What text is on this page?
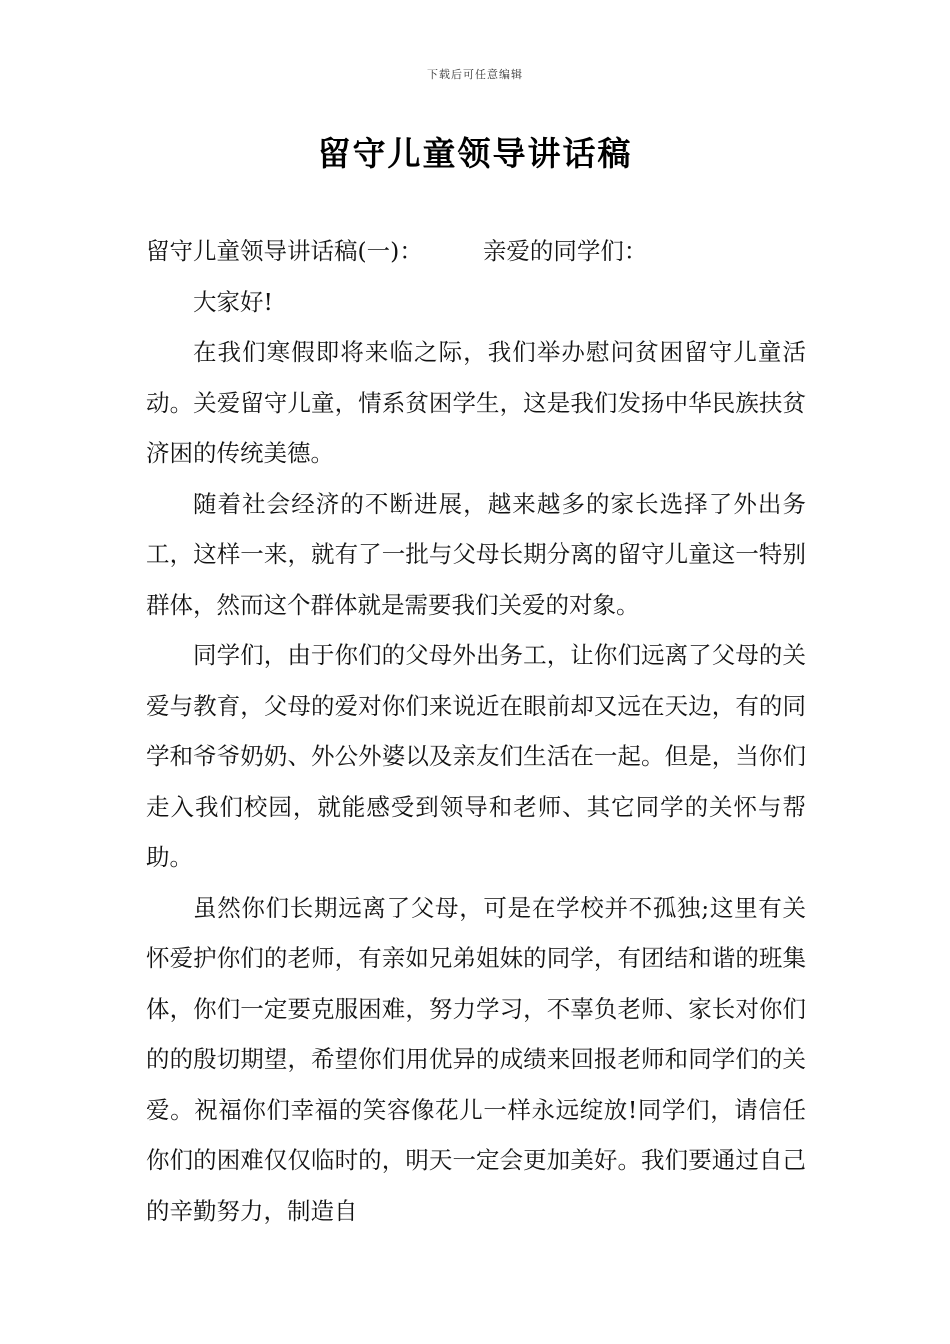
下载后可任意编辑
留守儿童领导讲话稿

留守儿童领导讲话稿(一)：	亲爱的同学们：

大家好!

在我们寒假即将来临之际，我们举办慰问贫困留守儿童活动。关爱留守儿童，情系贫困学生，这是我们发扬中华民族扶贫济困的传统美德。

随着社会经济的不断进展，越来越多的家长选择了外出务工，这样一来，就有了一批与父母长期分离的留守儿童这一特别群体，然而这个群体就是需要我们关爱的对象。

同学们，由于你们的父母外出务工，让你们远离了父母的关爱与教育，父母的爱对你们来说近在眼前却又远在天边，有的同学和爷爷奶奶、外公外婆以及亲友们生活在一起。但是，当你们走入我们校园，就能感受到领导和老师、其它同学的关怀与帮助。

虽然你们长期远离了父母，可是在学校并不孤独;这里有关怀爱护你们的老师，有亲如兄弟姐妹的同学，有团结和谐的班集体，你们一定要克服困难，努力学习，不辜负老师、家长对你们的的殷切期望，希望你们用优异的成绩来回报老师和同学们的关爱。祝福你们幸福的笑容像花儿一样永远绽放!同学们，请信任你们的困难仅仅临时的，明天一定会更加美好。我们要通过自己的辛勤努力，制造自
